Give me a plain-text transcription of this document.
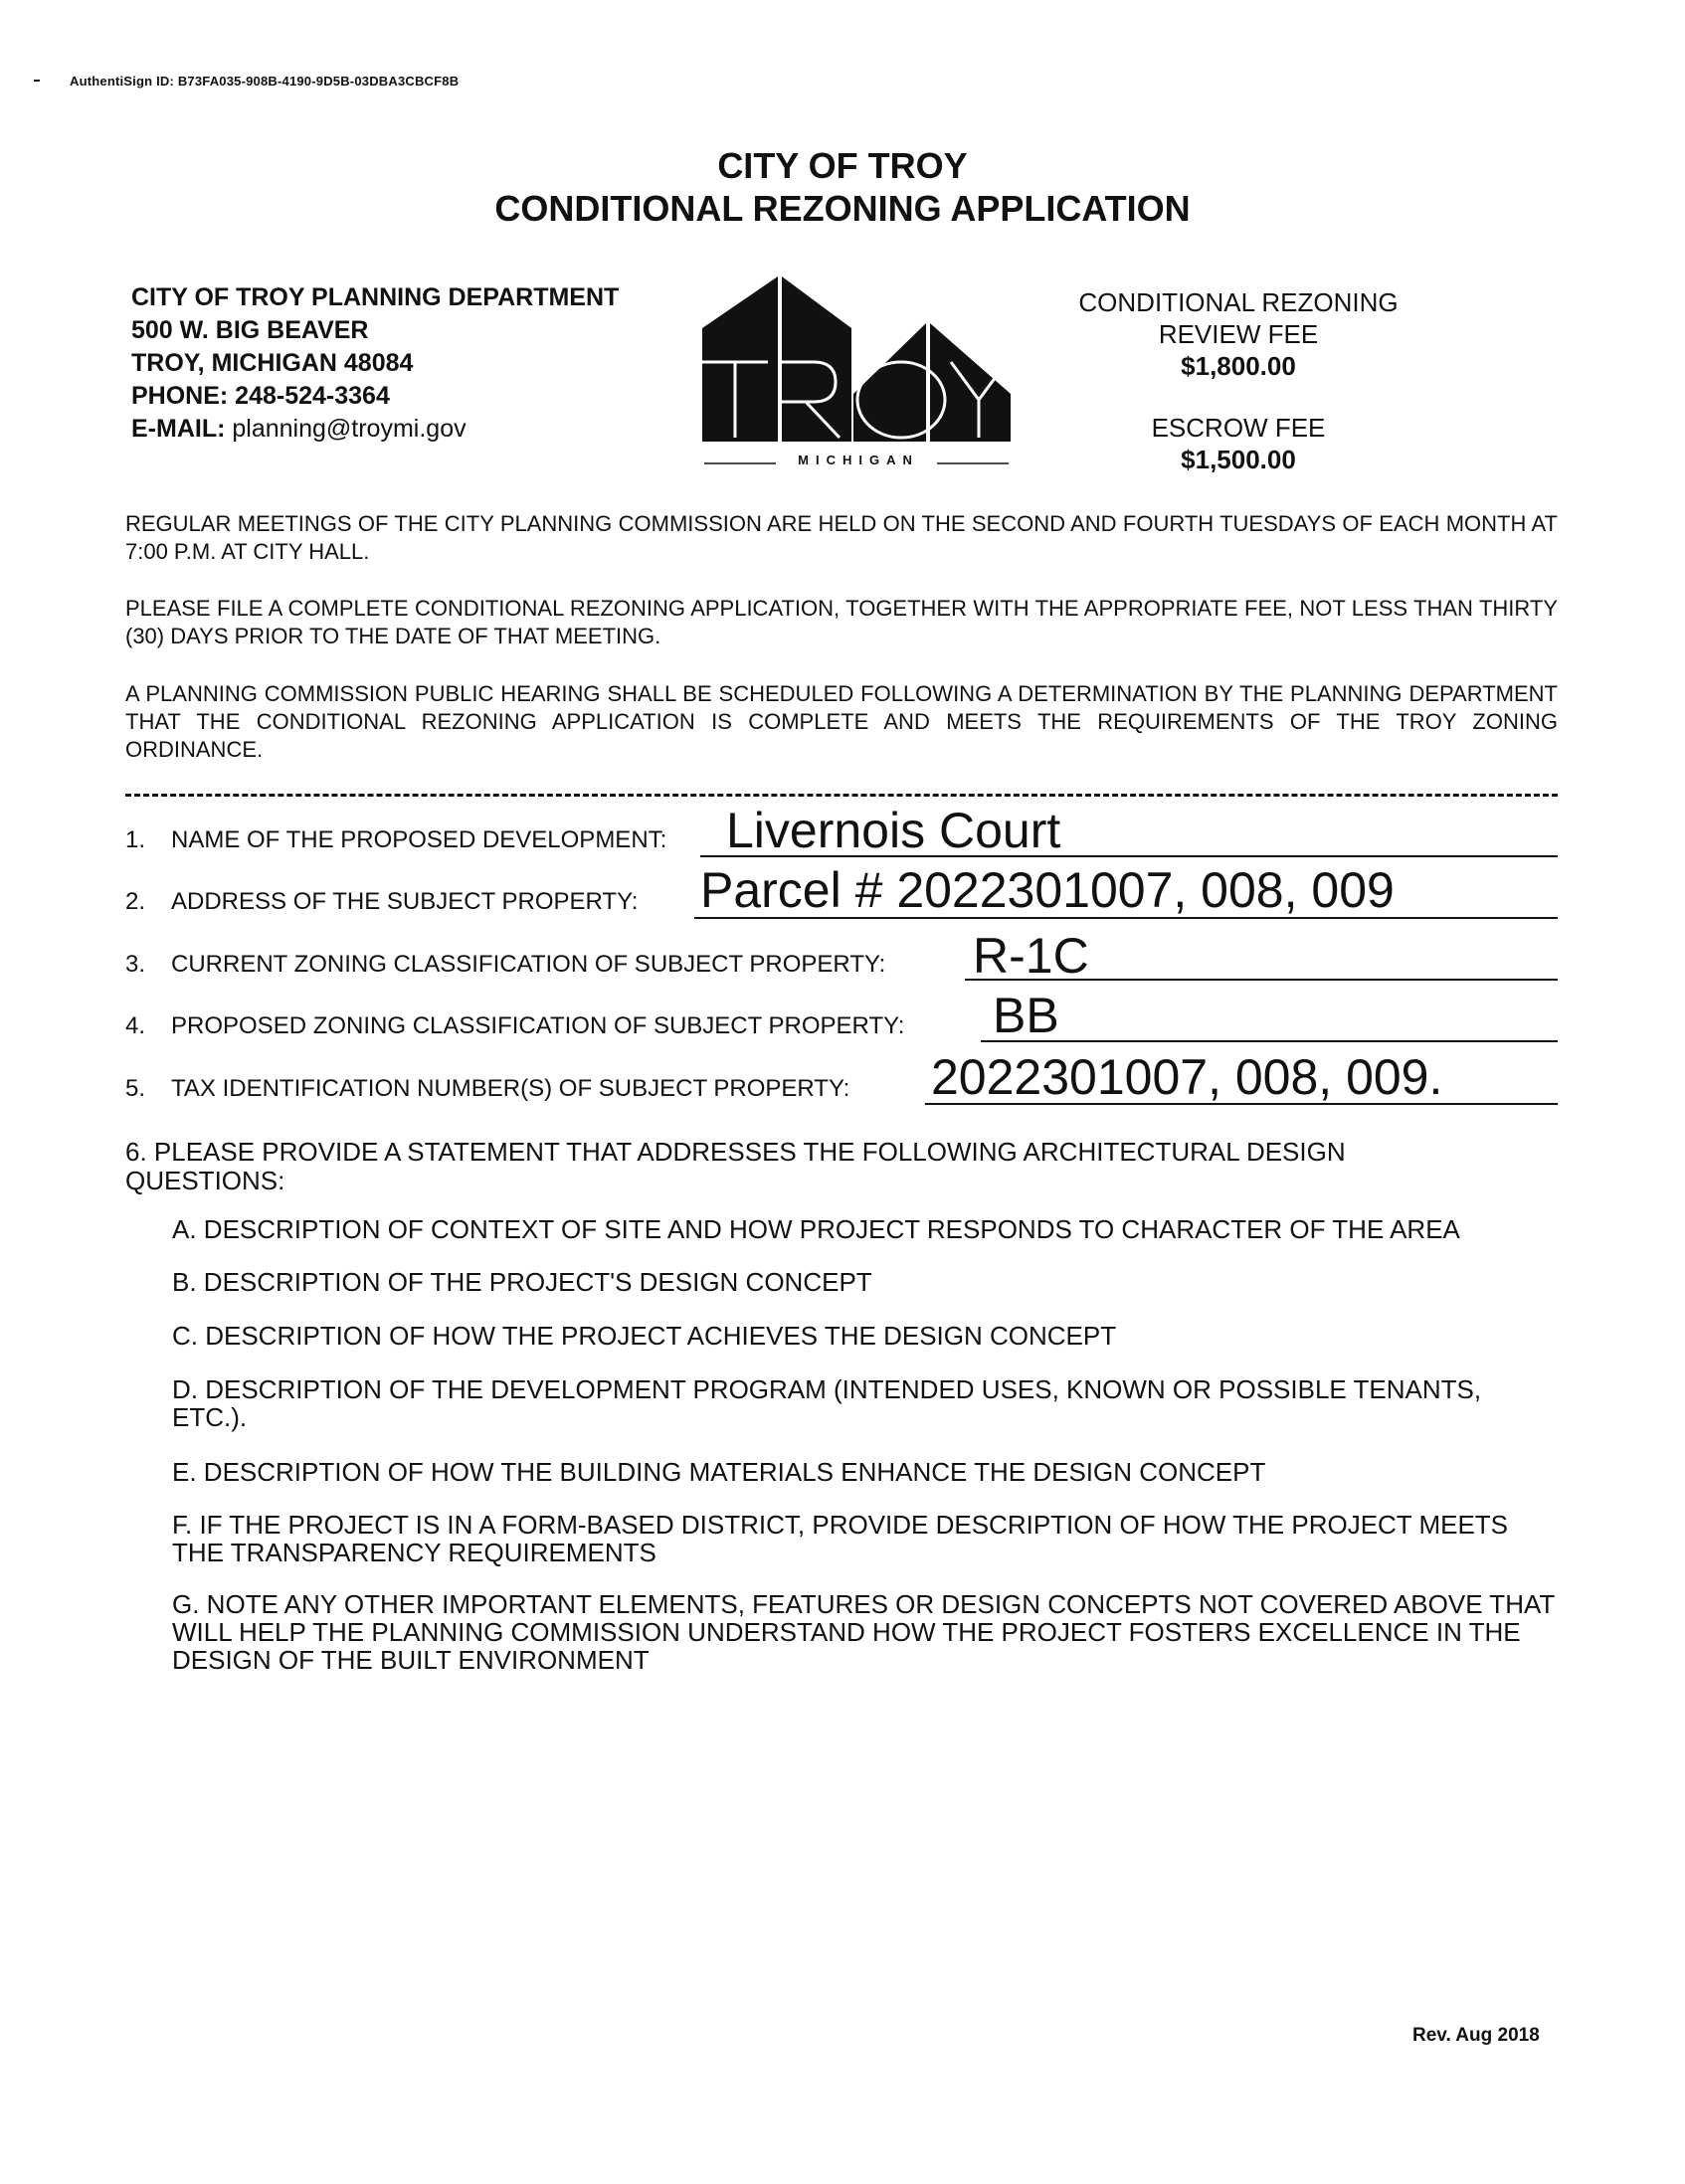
AuthentiSign ID: B73FA035-908B-4190-9D5B-03DBA3CBCF8B
CITY OF TROY
CONDITIONAL REZONING APPLICATION
CITY OF TROY PLANNING DEPARTMENT
500 W. BIG BEAVER
TROY, MICHIGAN 48084
PHONE: 248-524-3364
E-MAIL: planning@troymi.gov
MICHIGAN
CONDITIONAL REZONING
REVIEW FEE
$1,800.00
ESCROW FEE
$1,500.00
REGULAR MEETINGS OF THE CITY PLANNING COMMISSION ARE HELD ON THE SECOND AND FOURTH TUESDAYS OF EACH MONTH AT 7:00 P.M. AT CITY HALL.
PLEASE FILE A COMPLETE CONDITIONAL REZONING APPLICATION, TOGETHER WITH THE APPROPRIATE FEE, NOT LESS THAN THIRTY (30) DAYS PRIOR TO THE DATE OF THAT MEETING.
A PLANNING COMMISSION PUBLIC HEARING SHALL BE SCHEDULED FOLLOWING A DETERMINATION BY THE PLANNING DEPARTMENT THAT THE CONDITIONAL REZONING APPLICATION IS COMPLETE AND MEETS THE REQUIREMENTS OF THE TROY ZONING ORDINANCE.
1. NAME OF THE PROPOSED DEVELOPMENT: Livernois Court
2. ADDRESS OF THE SUBJECT PROPERTY: Parcel # 2022301007, 008, 009
3. CURRENT ZONING CLASSIFICATION OF SUBJECT PROPERTY: R-1C
4. PROPOSED ZONING CLASSIFICATION OF SUBJECT PROPERTY: BB
5. TAX IDENTIFICATION NUMBER(S) OF SUBJECT PROPERTY: 2022301007, 008, 009.
6. PLEASE PROVIDE A STATEMENT THAT ADDRESSES THE FOLLOWING ARCHITECTURAL DESIGN QUESTIONS:
A. DESCRIPTION OF CONTEXT OF SITE AND HOW PROJECT RESPONDS TO CHARACTER OF THE AREA
B. DESCRIPTION OF THE PROJECT'S DESIGN CONCEPT
C. DESCRIPTION OF HOW THE PROJECT ACHIEVES THE DESIGN CONCEPT
D. DESCRIPTION OF THE DEVELOPMENT PROGRAM (INTENDED USES, KNOWN OR POSSIBLE TENANTS, ETC.).
E. DESCRIPTION OF HOW THE BUILDING MATERIALS ENHANCE THE DESIGN CONCEPT
F. IF THE PROJECT IS IN A FORM-BASED DISTRICT, PROVIDE DESCRIPTION OF HOW THE PROJECT MEETS THE TRANSPARENCY REQUIREMENTS
G. NOTE ANY OTHER IMPORTANT ELEMENTS, FEATURES OR DESIGN CONCEPTS NOT COVERED ABOVE THAT WILL HELP THE PLANNING COMMISSION UNDERSTAND HOW THE PROJECT FOSTERS EXCELLENCE IN THE DESIGN OF THE BUILT ENVIRONMENT
Rev. Aug 2018
